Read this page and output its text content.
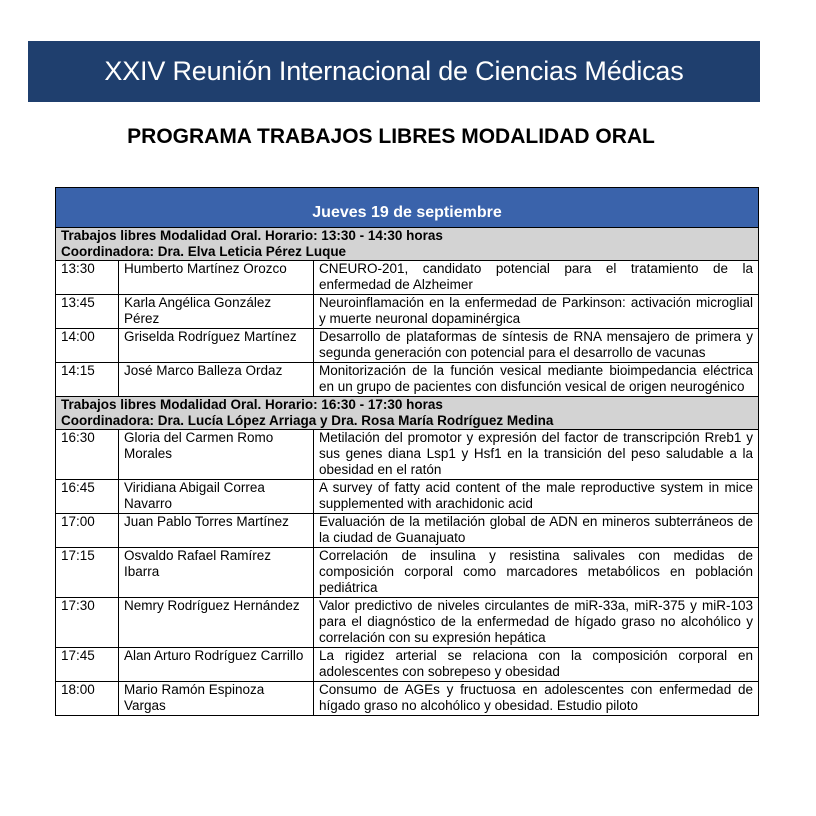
XXIV Reunión Internacional de Ciencias Médicas
PROGRAMA TRABAJOS LIBRES MODALIDAD ORAL
Jueves 19 de septiembre		

Trabajos libres Modalidad Oral. Horario: 13:30 - 14:30 horas
Coordinadora: Dra. Elva Leticia Pérez Luque		

13:30	Humberto Martínez Orozco	CNEURO-201, candidato potencial para el tratamiento de la enfermedad de Alzheimer
13:45	Karla Angélica González Pérez	Neuroinflamación en la enfermedad de Parkinson: activación microglial y muerte neuronal dopaminérgica
14:00	Griselda Rodríguez Martínez	Desarrollo de plataformas de síntesis de RNA mensajero de primera y segunda generación con potencial para el desarrollo de vacunas
14:15	José Marco Balleza Ordaz	Monitorización de la función vesical mediante bioimpedancia eléctrica en un grupo de pacientes con disfunción vesical de origen neurogénico

Trabajos libres Modalidad Oral. Horario: 16:30 - 17:30 horas
Coordinadora: Dra. Lucía López Arriaga y Dra. Rosa María Rodríguez Medina		

16:30	Gloria del Carmen Romo Morales	Metilación del promotor y expresión del factor de transcripción Rreb1 y sus genes diana Lsp1 y Hsf1 en la transición del peso saludable a la obesidad en el ratón
16:45	Viridiana Abigail Correa Navarro	A survey of fatty acid content of the male reproductive system in mice supplemented with arachidonic acid
17:00	Juan Pablo Torres Martínez	Evaluación de la metilación global de ADN en mineros subterráneos de la ciudad de Guanajuato
17:15	Osvaldo Rafael Ramírez Ibarra	Correlación de insulina y resistina salivales con medidas de composición corporal como marcadores metabólicos en población pediátrica
17:30	Nemry Rodríguez Hernández	Valor predictivo de niveles circulantes de miR-33a, miR-375 y miR-103 para el diagnóstico de la enfermedad de hígado graso no alcohólico y correlación con su expresión hepática
17:45	Alan Arturo Rodríguez Carrillo	La rigidez arterial se relaciona con la composición corporal en adolescentes con sobrepeso y obesidad
18:00	Mario Ramón Espinoza Vargas	Consumo de AGEs y fructuosa en adolescentes con enfermedad de hígado graso no alcohólico y obesidad. Estudio piloto
